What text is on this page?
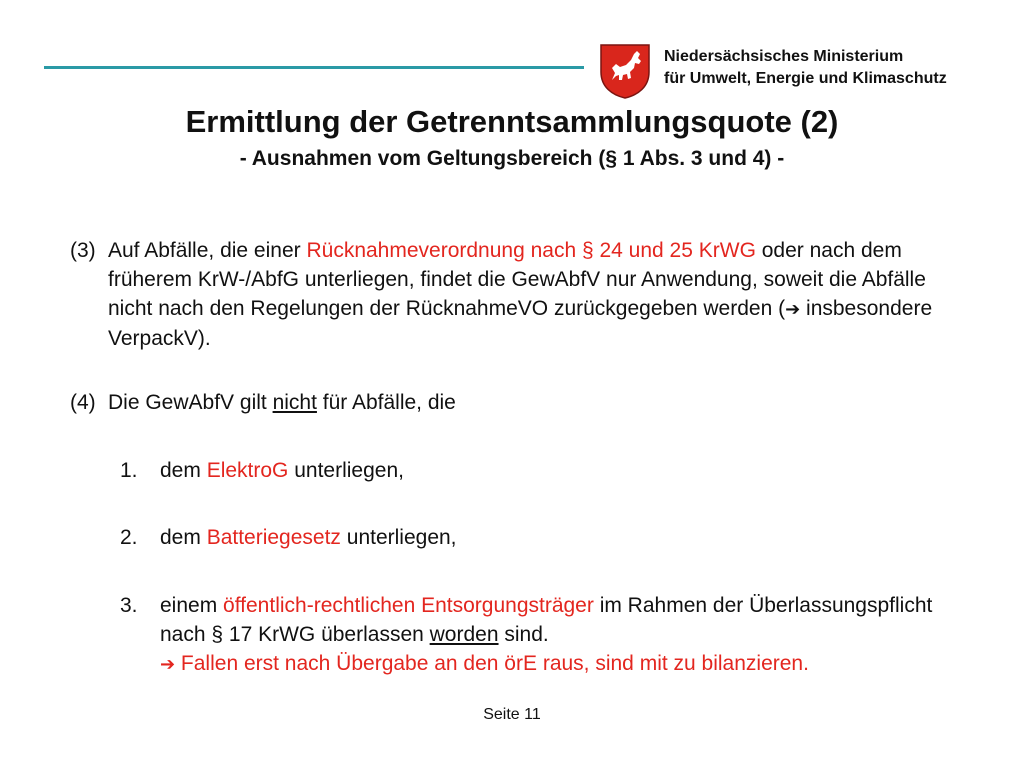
Niedersächsisches Ministerium
für Umwelt, Energie und Klimaschutz
Ermittlung der Getrenntsammlungsquote (2)
- Ausnahmen vom Geltungsbereich (§ 1 Abs. 3 und 4) -
(3) Auf Abfälle, die einer Rücknahmeverordnung nach § 24 und 25 KrWG oder nach dem früherem KrW-/AbfG unterliegen, findet die GewAbfV nur Anwendung, soweit die Abfälle nicht nach den Regelungen der RücknahmeVO zurückgegeben werden (➔ insbesondere VerpackV).
(4) Die GewAbfV gilt nicht für Abfälle, die
1. dem ElektroG unterliegen,
2. dem Batteriegesetz unterliegen,
3. einem öffentlich-rechtlichen Entsorgungsträger im Rahmen der Überlassungspflicht nach § 17 KrWG überlassen worden sind.
➔ Fallen erst nach Übergabe an den örE raus, sind mit zu bilanzieren.
Seite 11
